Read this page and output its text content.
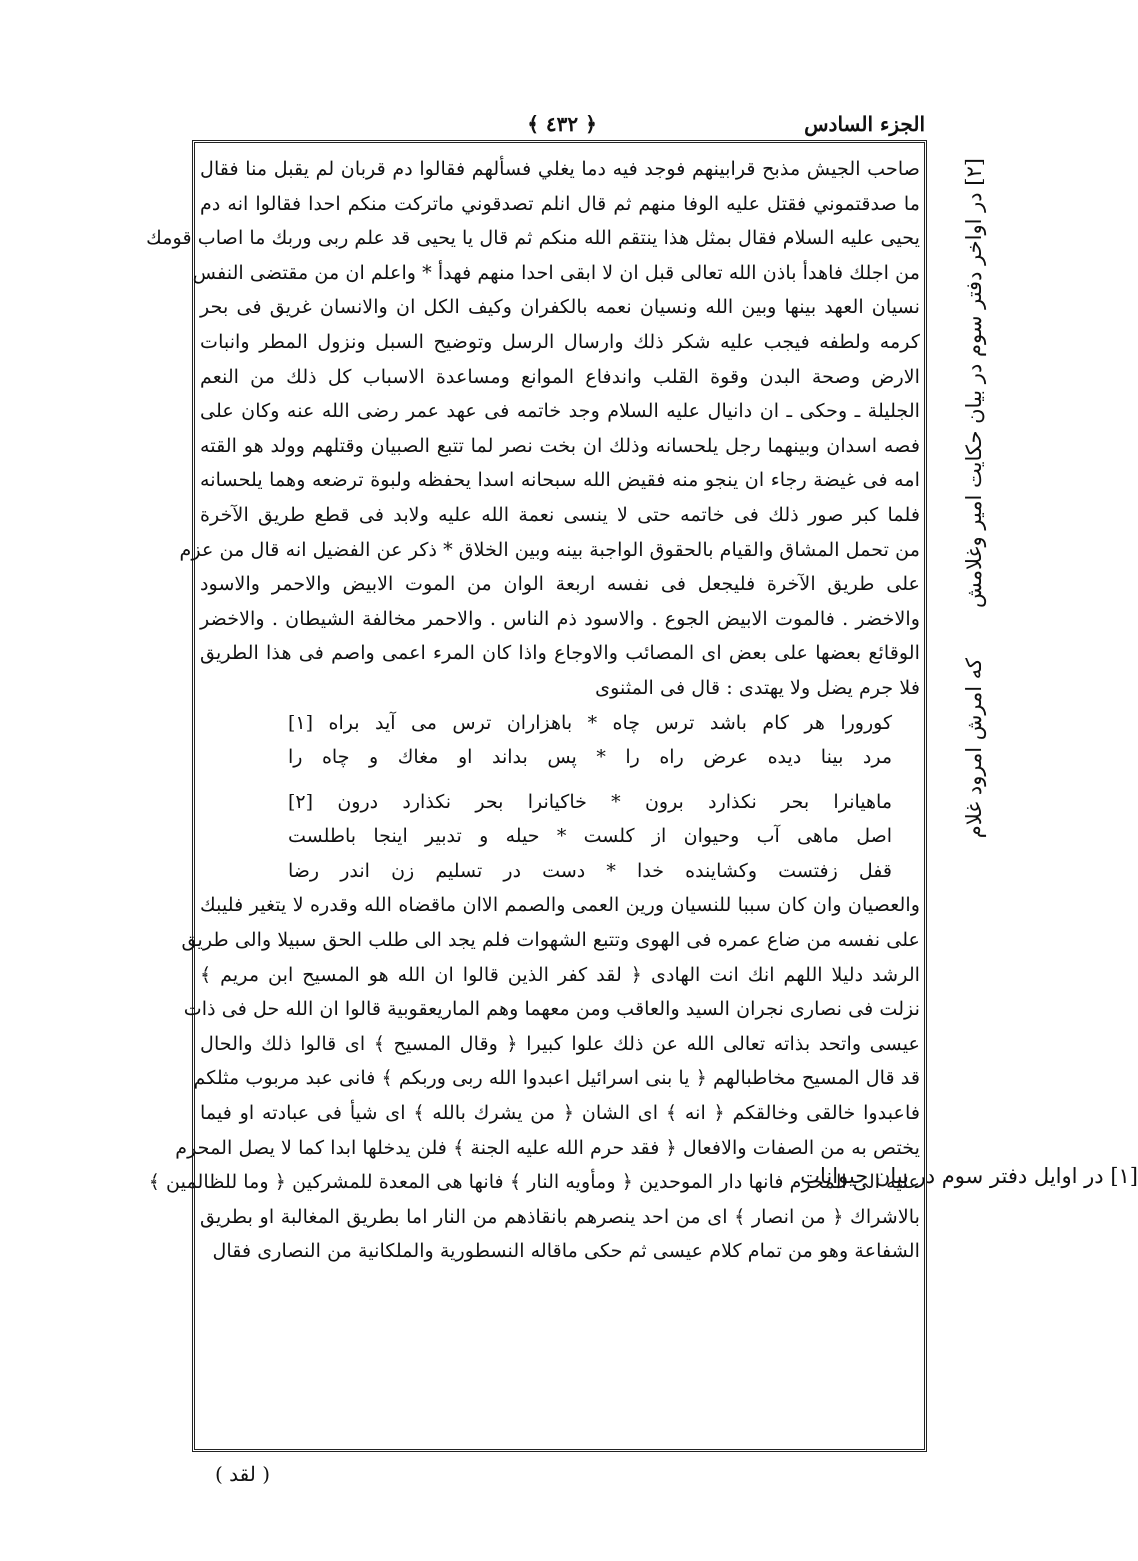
الجزء السادس
﴿ ٤٣٢ ﴾
صاحب الجيش مذبح قرابينهم فوجد فيه دما يغلي فسألهم فقالوا دم قربان لم يقبل منا فقال
ما صدقتموني فقتل عليه الوفا منهم ثم قال انلم تصدقوني ماتركت منكم احدا فقالوا انه دم
يحيى عليه السلام فقال بمثل هذا ينتقم الله منكم ثم قال يا يحيى قد علم ربى وربك ما اصاب قومك
من اجلك فاهدأ باذن الله تعالى قبل ان لا ابقى احدا منهم فهدأ * واعلم ان من مقتضى النفس
نسيان العهد بينها وبين الله ونسيان نعمه بالكفران وكيف الكل ان والانسان غريق فى بحر
كرمه ولطفه فيجب عليه شكر ذلك وارسال الرسل وتوضيح السبل ونزول المطر وانبات
الارض وصحة البدن وقوة القلب واندفاع الموانع ومساعدة الاسباب كل ذلك من النعم
الجليلة ـ وحكى ـ ان دانيال عليه السلام وجد خاتمه فى عهد عمر رضى الله عنه وكان على
فصه اسدان وبينهما رجل يلحسانه وذلك ان بخت نصر لما تتبع الصبيان وقتلهم وولد هو القته
امه فى غيضة رجاء ان ينجو منه فقيض الله سبحانه اسدا يحفظه ولبوة ترضعه وهما يلحسانه
فلما كبر صور ذلك فى خاتمه حتى لا ينسى نعمة الله عليه ولابد فى قطع طريق الآخرة
من تحمل المشاق والقيام بالحقوق الواجبة بينه وبين الخلاق * ذكر عن الفضيل انه قال من عزم
على طريق الآخرة فليجعل فى نفسه اربعة الوان من الموت الابيض والاحمر والاسود
والاخضر . فالموت الابيض الجوع . والاسود ذم الناس . والاحمر مخالفة الشيطان . والاخضر
الوقائع بعضها على بعض اى المصائب والاوجاع واذا كان المرء اعمى واصم فى هذا الطريق
فلا جرم يضل ولا يهتدى : قال فى المثنوى
كورورا هر كام باشد ترس چاه * باهزاران ترس مى آيد براه [١]
مرد بينا ديده عرض راه را * پس بداند او مغاك و چاه را
ماهيانرا بحر نكذارد برون * خاكيانرا بحر نكذارد درون [٢]
اصل ماهى آب وحيوان از كلست * حيله و تدبير اينجا باطلست
قفل زفتست وكشاينده خدا * دست در تسليم زن اندر رضا
والعصيان وان كان سببا للنسيان ورين العمى والصمم الاان ماقضاه الله وقدره لا يتغير فليبك
على نفسه من ضاع عمره فى الهوى وتتبع الشهوات فلم يجد الى طلب الحق سبيلا والى طريق
الرشد دليلا اللهم انك انت الهادى ﴿ لقد كفر الذين قالوا ان الله هو المسيح ابن مريم ﴾
نزلت فى نصارى نجران السيد والعاقب ومن معهما وهم الماريعقوبية قالوا ان الله حل فى ذات
عيسى واتحد بذاته تعالى الله عن ذلك علوا كبيرا ﴿ وقال المسيح ﴾ اى قالوا ذلك والحال
قد قال المسيح مخاطبالهم ﴿ يا بنى اسرائيل اعبدوا الله ربى وربكم ﴾ فانى عبد مربوب مثلكم
فاعبدوا خالقى وخالقكم ﴿ انه ﴾ اى الشان ﴿ من يشرك بالله ﴾ اى شيأ فى عبادته او فيما
يختص به من الصفات والافعال ﴿ فقد حرم الله عليه الجنة ﴾ فلن يدخلها ابدا كما لا يصل المحرم
عليه الى المحرم فانها دار الموحدين ﴿ ومأويه النار ﴾ فانها هى المعدة للمشركين ﴿ وما للظالمين ﴾
بالاشراك ﴿ من انصار ﴾ اى من احد ينصرهم بانقاذهم من النار اما بطريق المغالبة او بطريق
الشفاعة وهو من تمام كلام عيسى ثم حكى ماقاله النسطورية والملكانية من النصارى فقال
[٢] در اواخر دفتر سوم در بيان حكايت امير وغلامش
كه امرش امرود غلام
[١] در اوايل دفتر سوم در بيان حيوانات
( لقد )
